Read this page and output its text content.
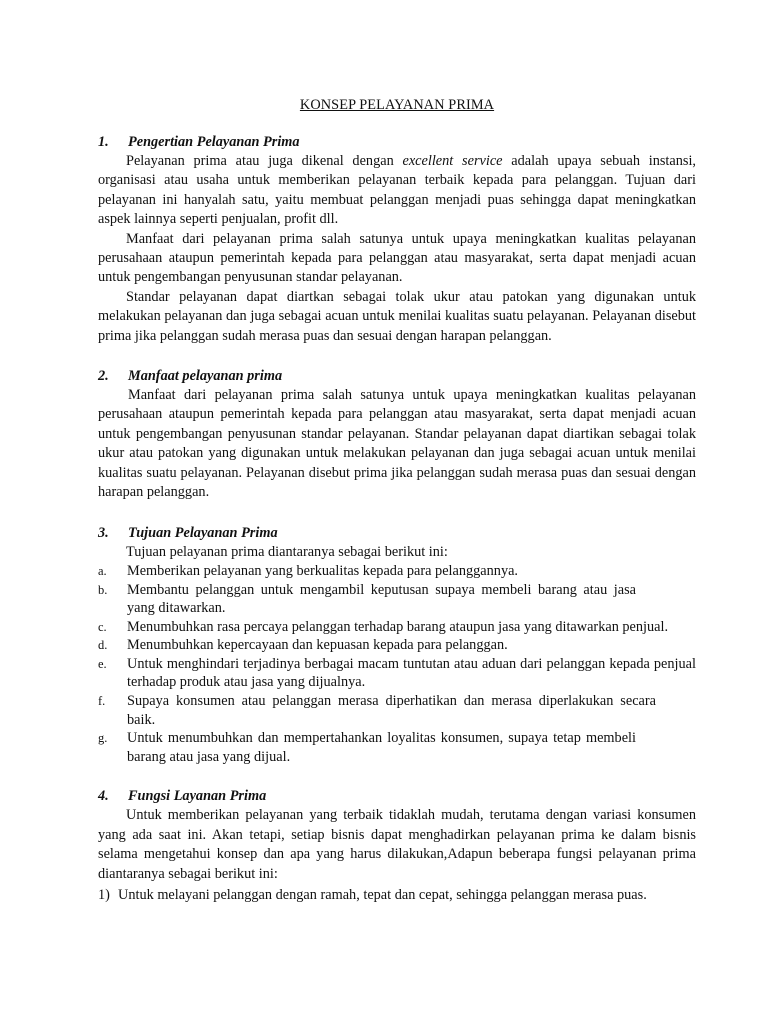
KONSEP PELAYANAN PRIMA
1.	Pengertian Pelayanan Prima

Pelayanan prima atau juga dikenal dengan excellent service adalah upaya sebuah instansi, organisasi atau usaha untuk memberikan pelayanan terbaik kepada para pelanggan. Tujuan dari pelayanan ini hanyalah satu, yaitu membuat pelanggan menjadi puas sehingga dapat meningkatkan aspek lainnya seperti penjualan, profit dll.

Manfaat dari pelayanan prima salah satunya untuk upaya meningkatkan kualitas pelayanan perusahaan ataupun pemerintah kepada para pelanggan atau masyarakat, serta dapat menjadi acuan untuk pengembangan penyusunan standar pelayanan.

Standar pelayanan dapat diartkan sebagai tolak ukur atau patokan yang digunakan untuk melakukan pelayanan dan juga sebagai acuan untuk menilai kualitas suatu pelayanan. Pelayanan disebut prima jika pelanggan sudah merasa puas dan sesuai dengan harapan pelanggan.

2.	Manfaat pelayanan prima

Manfaat dari pelayanan prima salah satunya untuk upaya meningkatkan kualitas pelayanan perusahaan ataupun pemerintah kepada para pelanggan atau masyarakat, serta dapat menjadi acuan untuk pengembangan penyusunan standar pelayanan. Standar pelayanan dapat diartikan sebagai tolak ukur atau patokan yang digunakan untuk melakukan pelayanan dan juga sebagai acuan untuk menilai kualitas suatu pelayanan. Pelayanan disebut prima jika pelanggan sudah merasa puas dan sesuai dengan harapan pelanggan.

3.	Tujuan Pelayanan Prima

Tujuan pelayanan prima diantaranya sebagai berikut ini:

a.	Memberikan pelayanan yang berkualitas kepada para pelanggannya.
b.	Membantu pelanggan untuk mengambil keputusan supaya membeli barang atau jasa yang ditawarkan.
c.	Menumbuhkan rasa percaya pelanggan terhadap barang ataupun jasa yang ditawarkan penjual.
d.	Menumbuhkan kepercayaan dan kepuasan kepada para pelanggan.
e.	Untuk menghindari terjadinya berbagai macam tuntutan atau aduan dari pelanggan kepada penjual terhadap produk atau jasa yang dijualnya.
f.	Supaya konsumen atau pelanggan merasa diperhatikan dan merasa diperlakukan secara baik.
g.	Untuk menumbuhkan dan mempertahankan loyalitas konsumen, supaya tetap membeli barang atau jasa yang dijual.
4.	Fungsi Layanan Prima

Untuk memberikan pelayanan yang terbaik tidaklah mudah, terutama dengan variasi konsumen yang ada saat ini. Akan tetapi, setiap bisnis dapat menghadirkan pelayanan prima ke dalam bisnis selama mengetahui konsep dan apa yang harus dilakukan,Adapun beberapa fungsi pelayanan prima diantaranya sebagai berikut ini:

1) Untuk melayani pelanggan dengan ramah, tepat dan cepat, sehingga pelanggan merasa puas.
